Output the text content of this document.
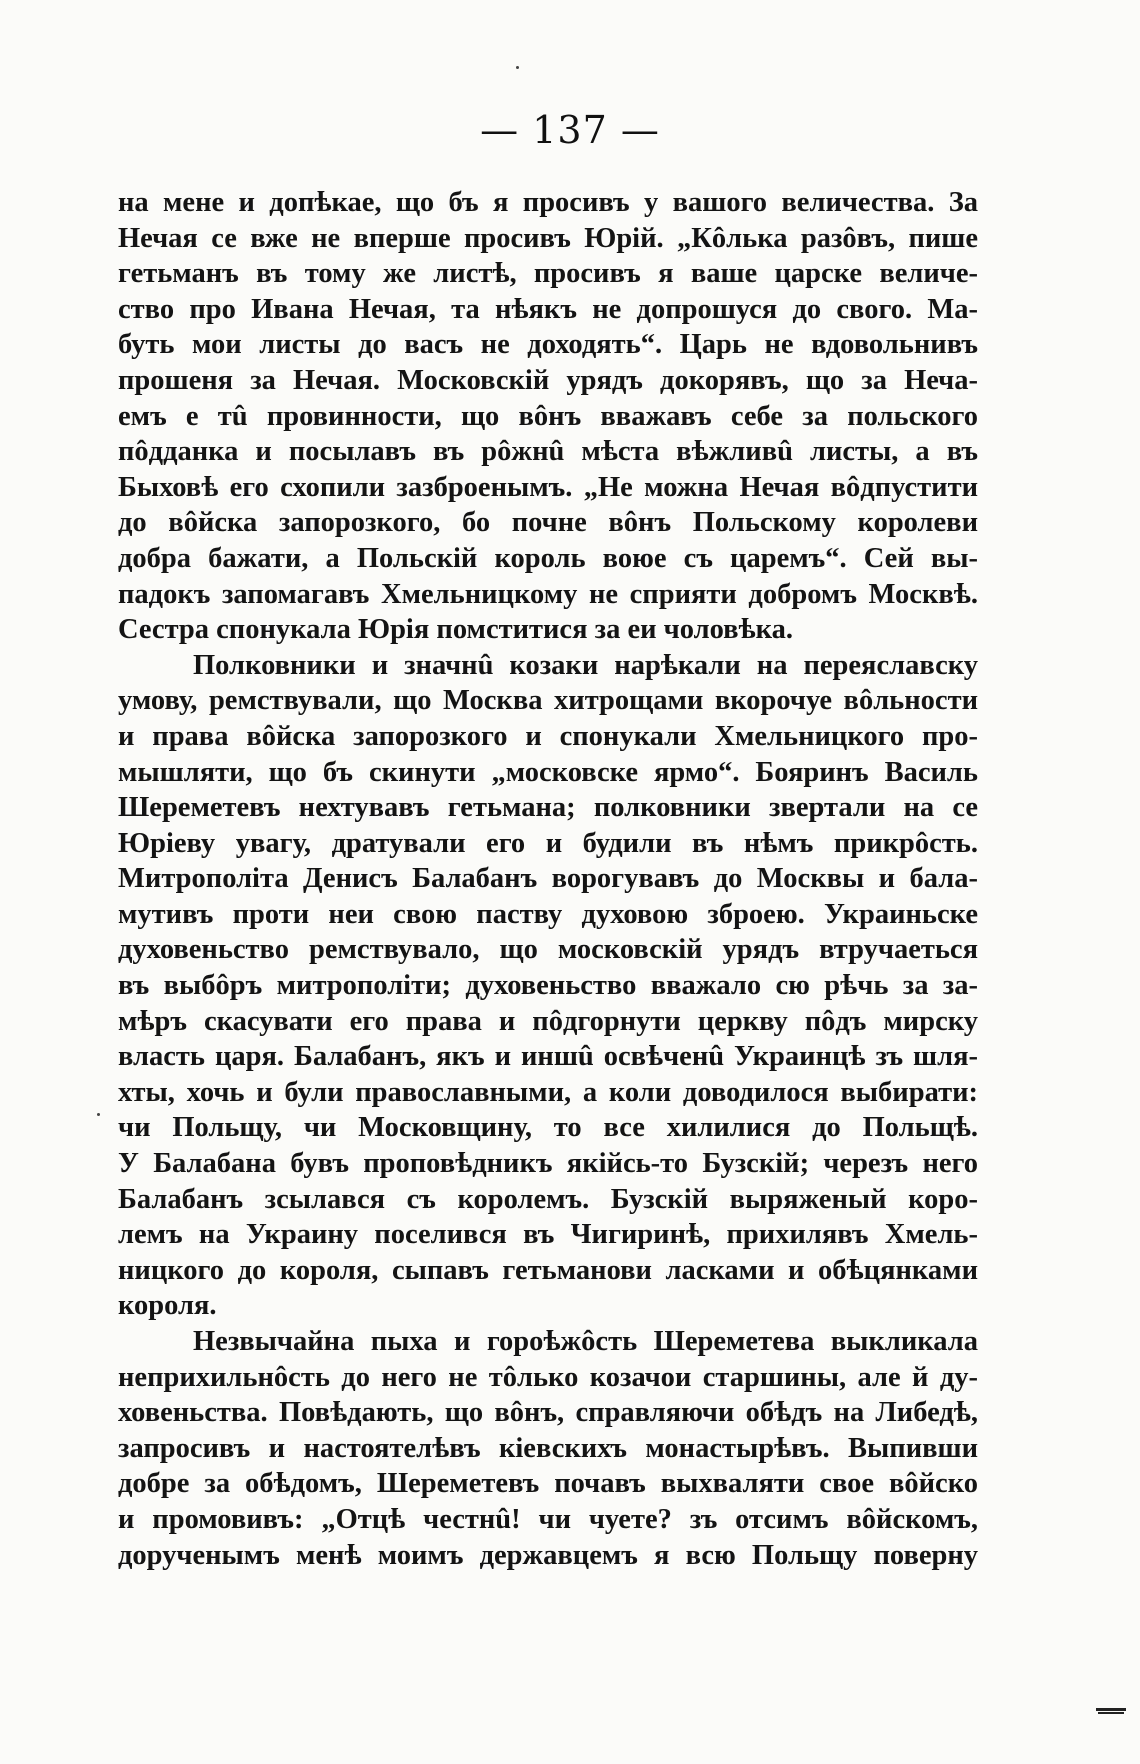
— 137 —
на мене и допѣкае, що бъ я просивъ у вашого величества. За
Нечая се вже не вперше просивъ Юрій. „Кôлька разôвъ, пише
гетьманъ въ тому же листѣ, просивъ я ваше царске величе-
ство про Ивана Нечая, та нѣякъ не допрошуся до свого. Ма-
буть мои листы до васъ не доходять“. Царь не вдовольнивъ
прошеня за Нечая. Московскій урядъ докорявъ, що за Неча-
емъ е тû провинности, що вôнъ вважавъ себе за польского
пôдданка и посылавъ въ рôжнû мѣста вѣжливû листы, а въ
Быховѣ его схопили зазброенымъ. „Не можна Нечая вôдпустити
до вôйска запорозкого, бо почне вôнъ Польскому королеви
добра бажати, а Польскій король воюе съ царемъ“. Сей вы-
падокъ запомагавъ Хмельницкому не сприяти добромъ Москвѣ.
Сестра спонукала Юрія помститися за еи чоловѣка.
Полковники и значнû козаки нарѣкали на переяславску
умову, ремствували, що Москва хитрощами вкорочуе вôльности
и права вôйска запорозкого и спонукали Хмельницкого про-
мышляти, що бъ скинути „московске ярмо“. Бояринъ Василь
Шереметевъ нехтувавъ гетьмана; полковники звертали на се
Юріеву увагу, дратували его и будили въ нѣмъ прикрôсть.
Митрополіта Денисъ Балабанъ ворогувавъ до Москвы и бала-
мутивъ проти неи свою паству духовою зброею. Украиньске
духовеньство ремствувало, що московскій урядъ втручаеться
въ выбôръ митрополіти; духовеньство вважало сю рѣчь за за-
мѣръ скасувати его права и пôдгорнути церкву пôдъ мирску
власть царя. Балабанъ, якъ и иншû освѣченû Украинцѣ зъ шля-
хты, хочь и були православными, а коли доводилося выбирати:
чи Польщу, чи Московщину, то все хилилися до Польщѣ.
У Балабана бувъ проповѣдникъ якійсь-то Бузскій; черезъ него
Балабанъ зсылався съ королемъ. Бузскій выряженый коро-
лемъ на Украину поселився въ Чигиринѣ, прихилявъ Хмель-
ницкого до короля, сыпавъ гетьманови ласками и обѣцянками
короля.
Незвычайна пыха и гороѣжôсть Шереметева выкликала
неприхильнôсть до него не тôлько козачои старшины, але й ду-
ховеньства. Повѣдають, що вôнъ, справляючи обѣдъ на Либедѣ,
запросивъ и настоятелѣвъ кіевскихъ монастырѣвъ. Выпивши
добре за обѣдомъ, Шереметевъ почавъ выхваляти свое вôйско
и промовивъ: „Отцѣ честнû! чи чуете? зъ отсимъ вôйскомъ,
дорученымъ менѣ моимъ державцемъ я всю Польщу поверну
